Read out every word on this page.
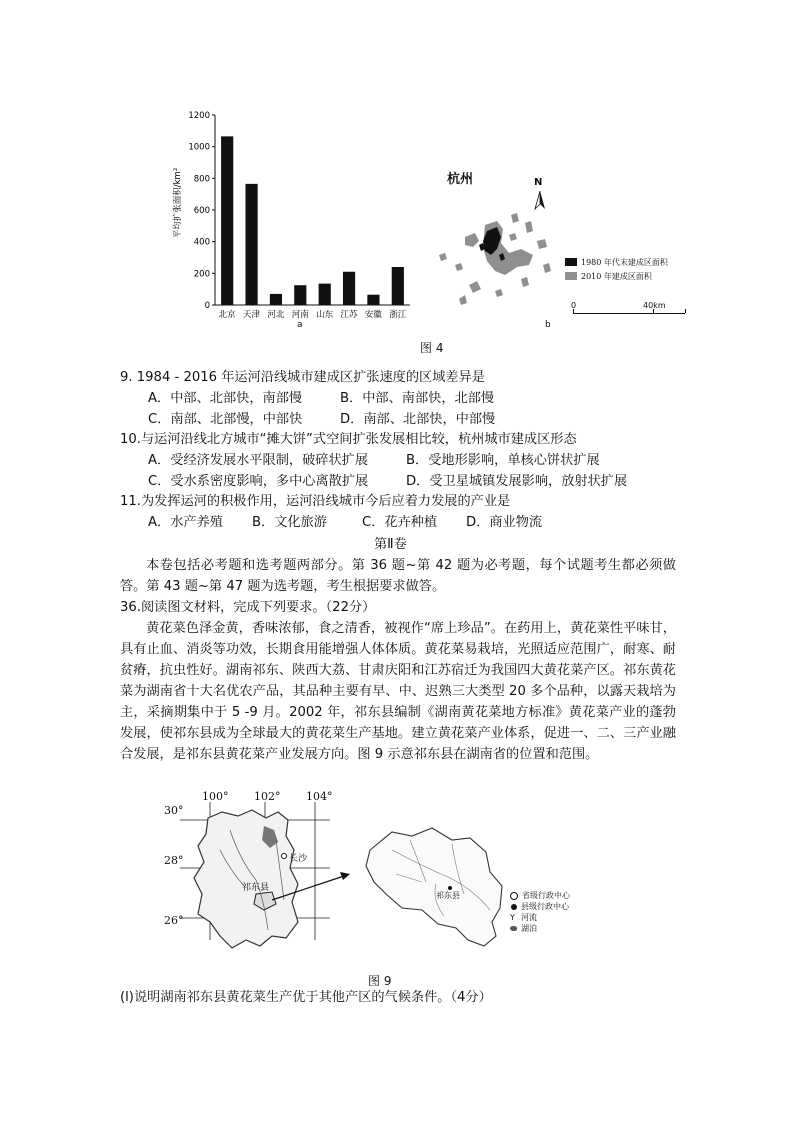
0
200
400
600
800
1000
1200
北京 天津 河北 河南 山东 江苏 安徽 浙江
平均扩张面积/km²
a
杭州	N
1980 年代末建成区面积
2010 年建成区面积
0	40km
b
图 4
9. 1984 - 2016 年运河沿线城市建成区扩张速度的区域差异是
A．中部、北部快，南部慢	B．中部、南部快，北部慢
C．南部、北部慢，中部快	D．南部、北部快，中部慢
10.与运河沿线北方城市“摊大饼”式空间扩张发展相比较，杭州城市建成区形态
A．受经济发展水平限制，破碎状扩展	B．受地形影响，单核心饼状扩展
C．受水系密度影响，多中心离散扩展	D．受卫星城镇发展影响，放射状扩展
11.为发挥运河的积极作用，运河沿线城市今后应着力发展的产业是
A．水产养殖 B．文化旅游	C．花卉种植 D．商业物流
第Ⅱ卷
本卷包括必考题和选考题两部分。第 36 题~第 42 题为必考题，每个试题考生都必须做答。第 43 题~第 47 题为选考题，考生根据要求做答。
36.阅读图文材料，完成下列要求。（22分）
黄花菜色泽金黄，香味浓郁，食之清香，被视作“席上珍品”。在药用上，黄花菜性平味甘，具有止血、消炎等功效，长期食用能增强人体体质。黄花菜易栽培，光照适应范围广，耐寒、耐贫瘠，抗虫性好。湖南祁东、陕西大荔、甘肃庆阳和江苏宿迁为我国四大黄花菜产区。祁东黄花菜为湖南省十大名优农产品，其品种主要有早、中、迟熟三大类型 20 多个品种，以露天栽培为主，采摘期集中于 5 -9 月。2002 年，祁东县编制《湖南黄花菜地方标准》黄花菜产业的蓬勃发展，使祁东县成为全球最大的黄花菜生产基地。建立黄花菜产业体系，促进一、二、三产业融合发展，是祁东县黄花菜产业发展方向。图 9 示意祁东县在湖南省的位置和范围。
100° 102° 104°
30°
28°
26°
长沙
祁东县
祁东县	省级行政中心
县级行政中心
Y 河流
湖泊
图 9
(l)说明湖南祁东县黄花菜生产优于其他产区的气候条件。（4分）
